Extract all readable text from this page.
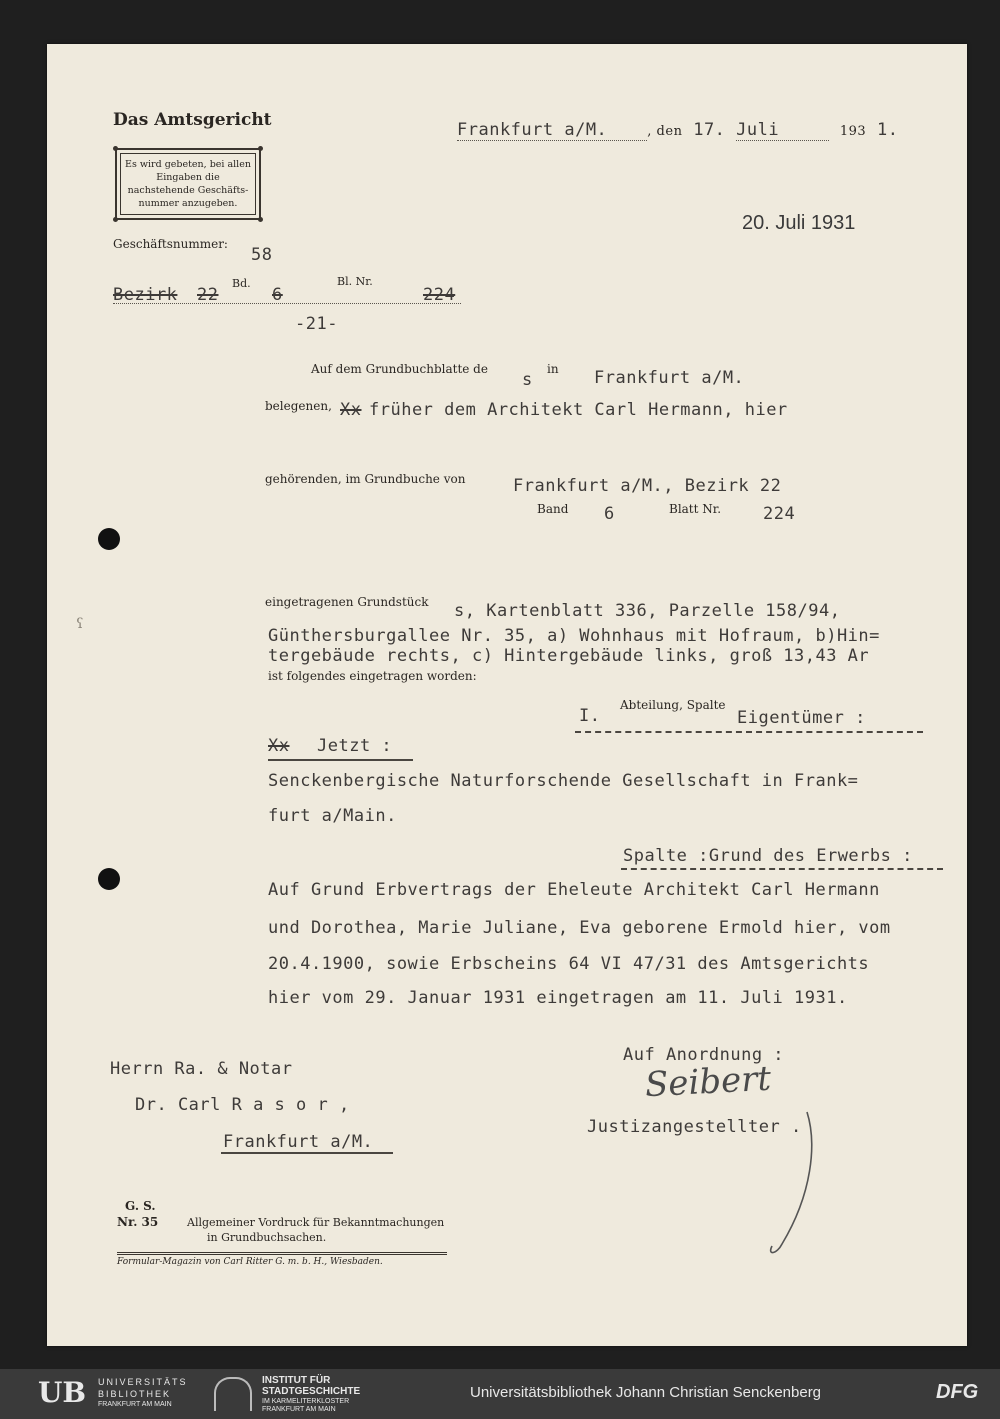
Das Amtsgericht	Frankfurt a/M.	, den 17. Juli	193 1.
Es wird gebeten, bei allen Eingaben die nachstehende Geschäfts-nummer anzugeben.
20. Juli 1931
Geschäftsnummer:
58
Bezirk 22
Bd.
6
Bl. Nr.
224
-21-
Auf dem Grundbuchblatte de
s
in Frankfurt a/M.
belegenen, Xx früher dem Architekt Carl Hermann, hier
gehörenden, im Grundbuche von	Frankfurt a/M., Bezirk 22
Band 6	Blatt Nr. 224
eingetragenen Grundstück s, Kartenblatt 336, Parzelle 158/94,
Günthersburgallee Nr. 35, a) Wohnhaus mit Hofraum, b)Hin=
tergebäude rechts, c) Hintergebäude links, groß 13,43 Ar
ist folgendes eingetragen worden:
I.
Abteilung, Spalte
Eigentümer :
Xx Jetzt :
Senckenbergische Naturforschende Gesellschaft in Frank=
furt a/Main.
Spalte :Grund des Erwerbs :
Auf Grund Erbvertrags der Eheleute Architekt Carl Hermann
und Dorothea, Marie Juliane, Eva geborene Ermold hier, vom
20.4.1900, sowie Erbscheins 64 VI 47/31 des Amtsgerichts
hier vom 29. Januar 1931 eingetragen am 11. Juli 1931.
Herrn Ra. & Notar
Dr. Carl R a s o r ,
Frankfurt a/M.
Auf Anordnung :
Seibert
Justizangestellter .
G. S.
Nr. 35	Allgemeiner Vordruck für Bekanntmachungen
in Grundbuchsachen.
Formular-Magazin von Carl Ritter G. m. b. H., Wiesbaden.
ʕ
UB UNIVERSITÄTS
BIBLIOTHEK
FRANKFURT AM MAIN
INSTITUT FÜR
STADTGESCHICHTE
IM KARMELITERKLOSTER
FRANKFURT AM MAIN
Universitätsbibliothek Johann Christian Senckenberg	DFG
